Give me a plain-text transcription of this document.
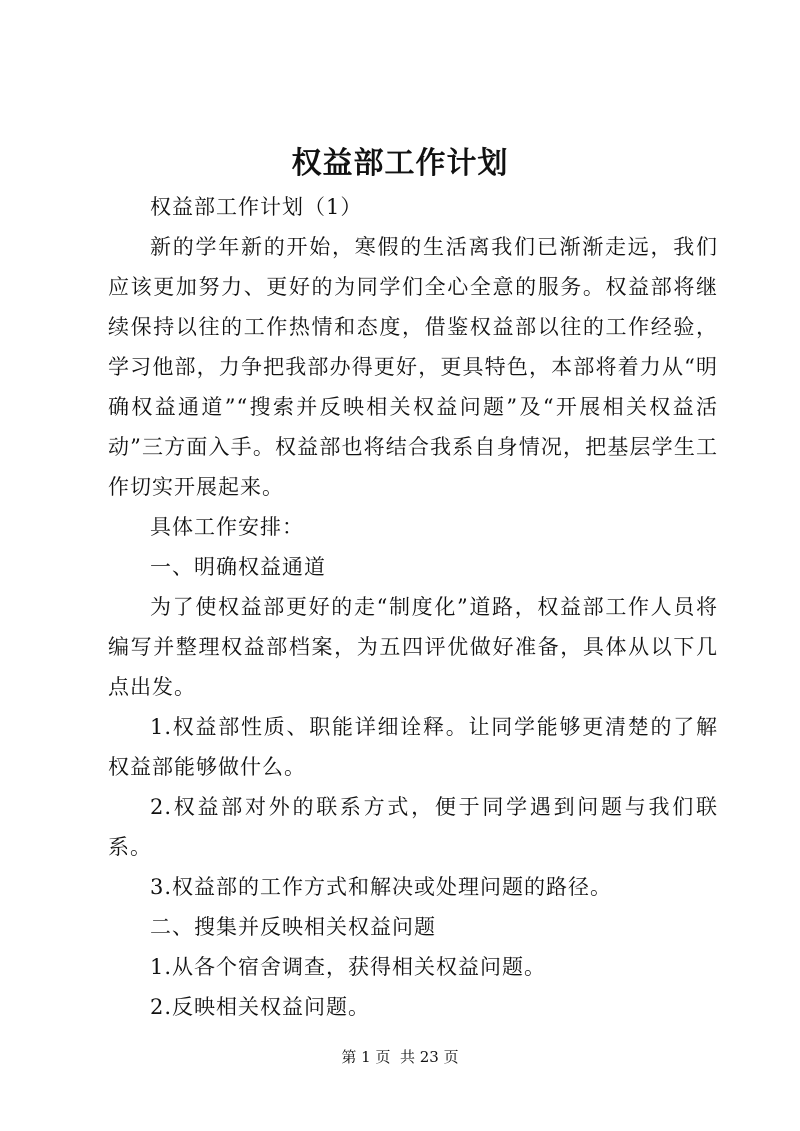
权益部工作计划

权益部工作计划（1）

新的学年新的开始，寒假的生活离我们已渐渐走远，我们应该更加努力、更好的为同学们全心全意的服务。权益部将继续保持以往的工作热情和态度，借鉴权益部以往的工作经验，学习他部，力争把我部办得更好，更具特色，本部将着力从“明确权益通道”“搜索并反映相关权益问题”及“开展相关权益活动”三方面入手。权益部也将结合我系自身情况，把基层学生工作切实开展起来。

具体工作安排：

一、明确权益通道

为了使权益部更好的走“制度化”道路，权益部工作人员将编写并整理权益部档案，为五四评优做好准备，具体从以下几点出发。

1.权益部性质、职能详细诠释。让同学能够更清楚的了解权益部能够做什么。

2.权益部对外的联系方式，便于同学遇到问题与我们联系。

3.权益部的工作方式和解决或处理问题的路径。

二、搜集并反映相关权益问题

1.从各个宿舍调查，获得相关权益问题。

2.反映相关权益问题。

第 1 页  共 23 页
